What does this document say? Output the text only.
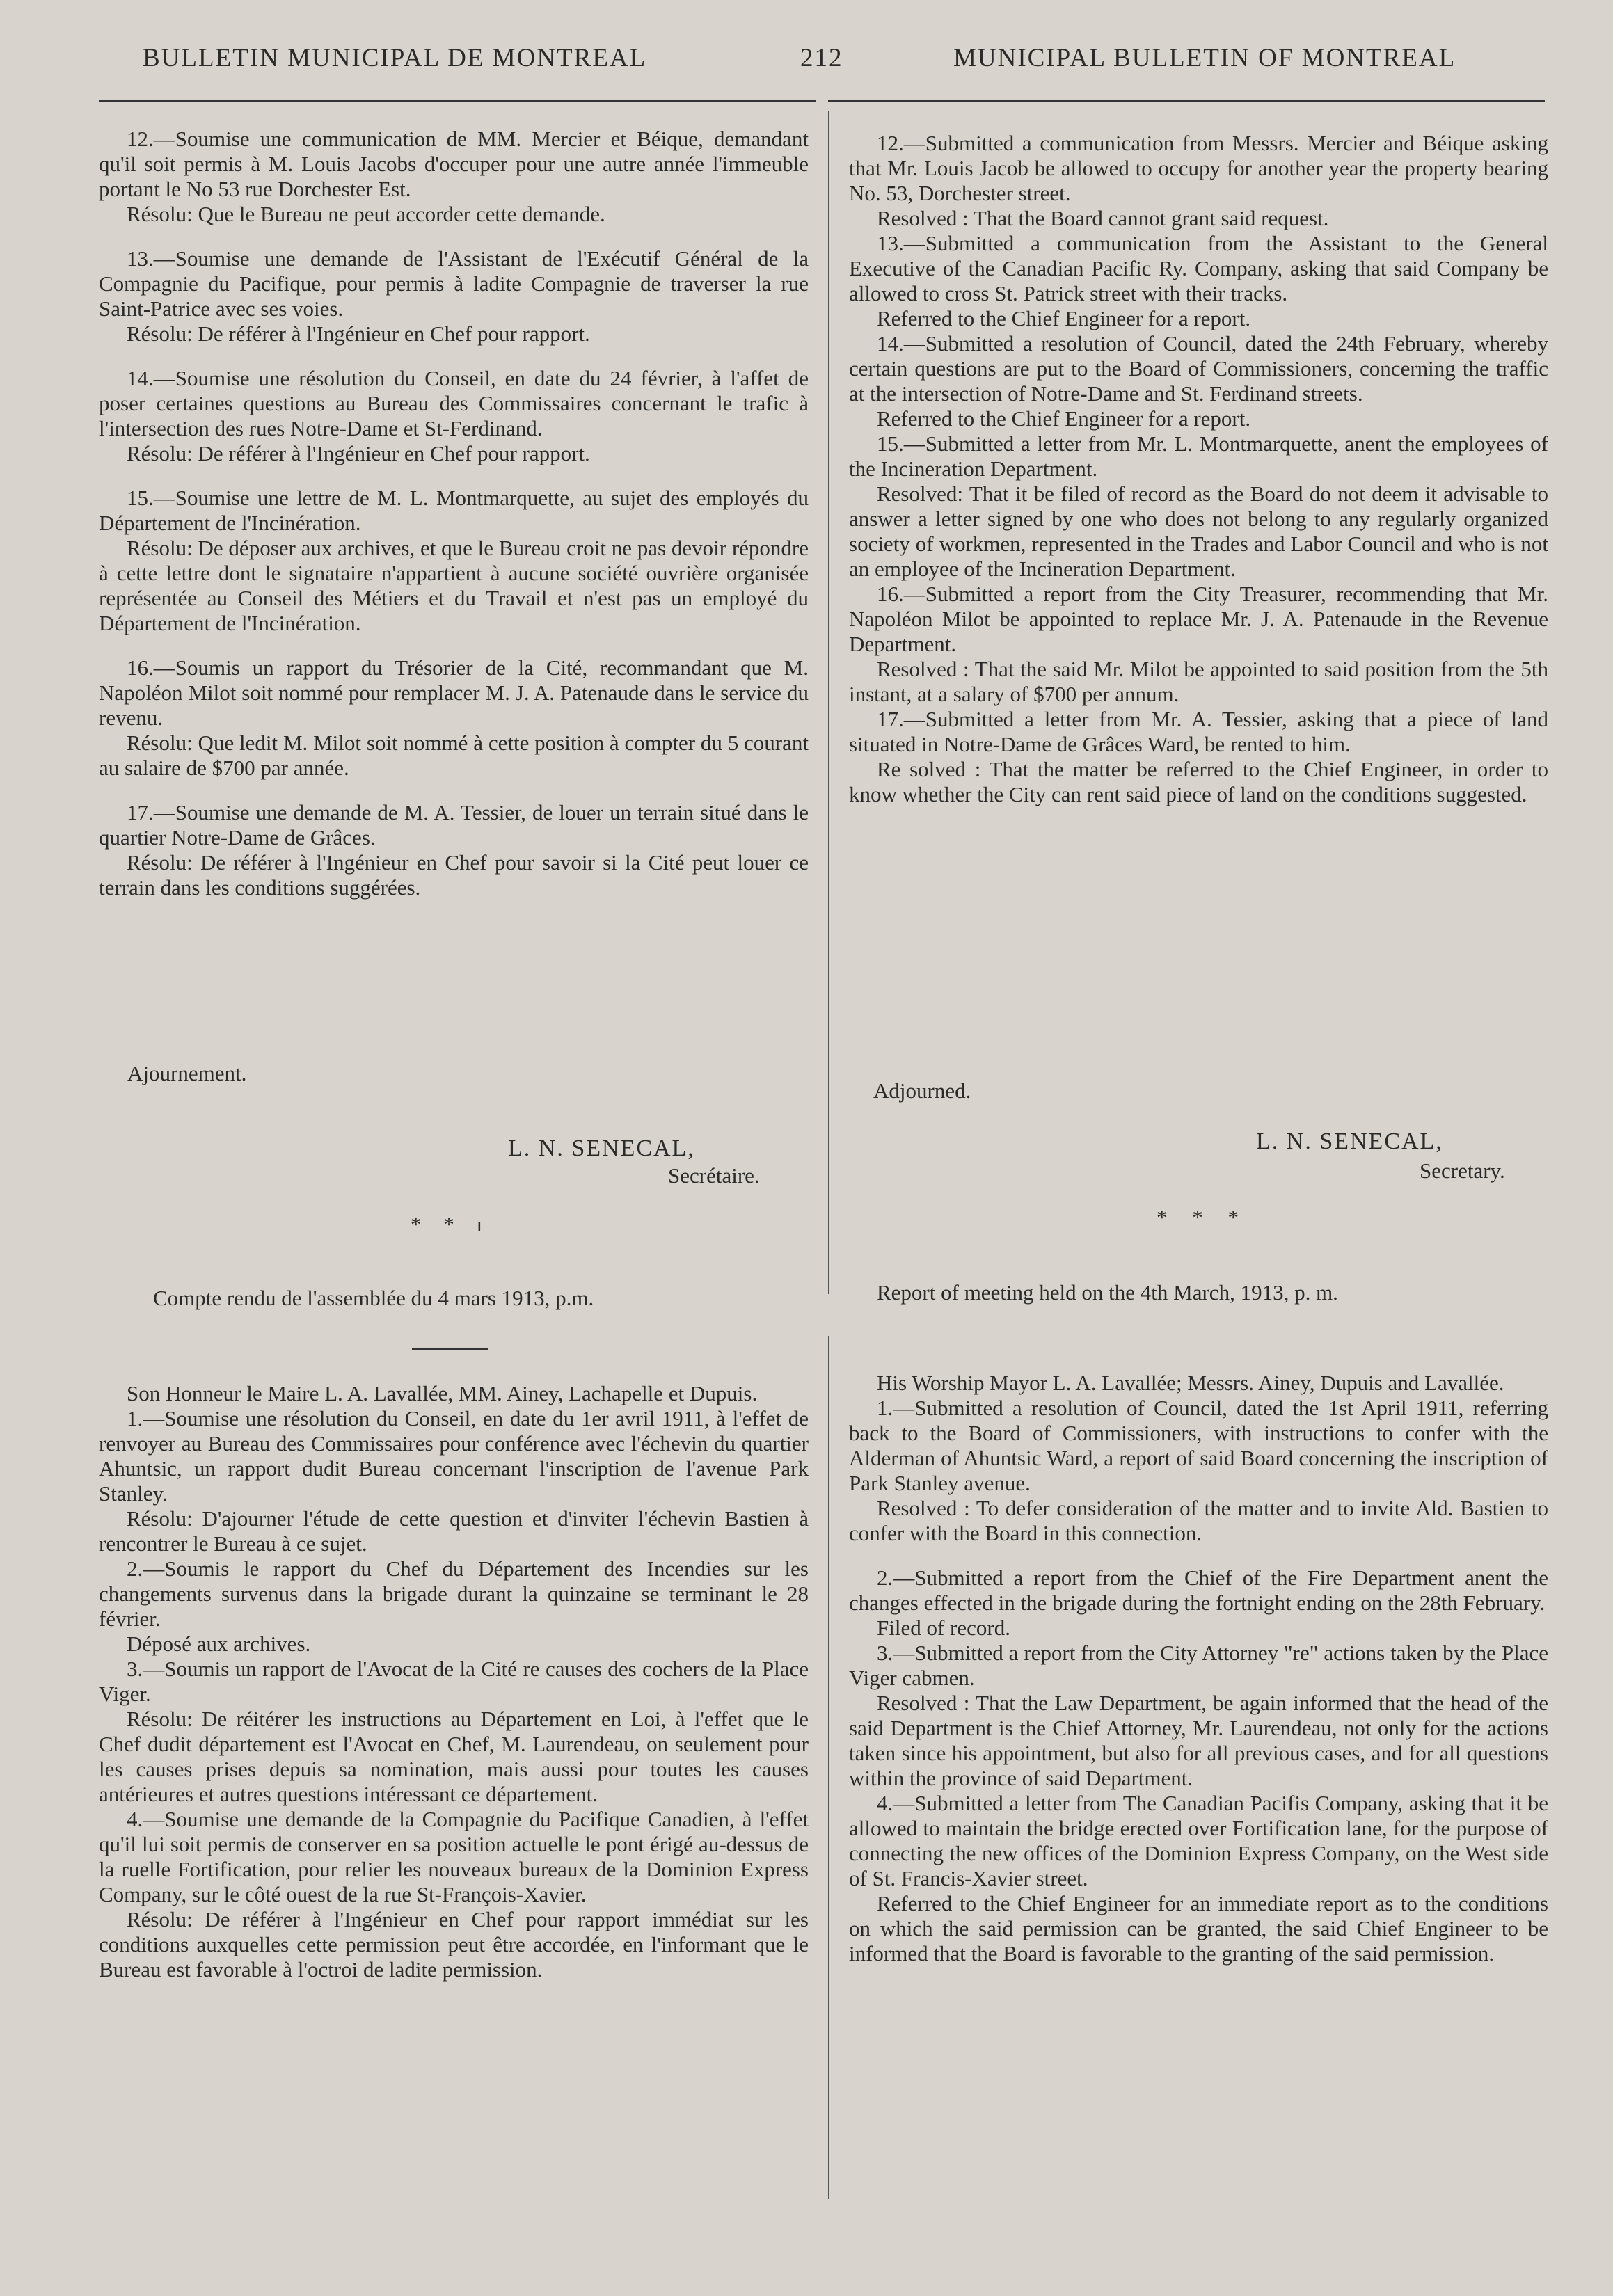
BULLETIN MUNICIPAL DE MONTREAL	212	MUNICIPAL BULLETIN OF MONTREAL

12.—Soumise une communication de MM. Mercier et Béique, demandant qu'il soit permis à M. Louis Jacobs d'occuper pour une autre année l'immeuble portant le No 53 rue Dorchester Est.

Résolu: Que le Bureau ne peut accorder cette demande.

13.—Soumise une demande de l'Assistant de l'Exécutif Général de la Compagnie du Pacifique, pour permis à ladite Compagnie de traverser la rue Saint-Patrice avec ses voies.

Résolu: De référer à l'Ingénieur en Chef pour rapport.

14.—Soumise une résolution du Conseil, en date du 24 février, à l'affet de poser certaines questions au Bureau des Commissaires concernant le trafic à l'intersection des rues Notre-Dame et St-Ferdinand.

Résolu: De référer à l'Ingénieur en Chef pour rapport.

15.—Soumise une lettre de M. L. Montmarquette, au sujet des employés du Département de l'Incinération.

Résolu: De déposer aux archives, et que le Bureau croit ne pas devoir répondre à cette lettre dont le signataire n'appartient à aucune société ouvrière organisée représentée au Conseil des Métiers et du Travail et n'est pas un employé du Département de l'Incinération.

16.—Soumis un rapport du Trésorier de la Cité, recommandant que M. Napoléon Milot soit nommé pour remplacer M. J. A. Patenaude dans le service du revenu.

Résolu: Que ledit M. Milot soit nommé à cette position à compter du 5 courant au salaire de $700 par année.

17.—Soumise une demande de M. A. Tessier, de louer un terrain situé dans le quartier Notre-Dame de Grâces.

Résolu: De référer à l'Ingénieur en Chef pour savoir si la Cité peut louer ce terrain dans les conditions suggérées.

12.—Submitted a communication from Messrs. Mercier and Béique asking that Mr. Louis Jacob be allowed to occupy for another year the property bearing No. 53, Dorchester street.

Resolved : That the Board cannot grant said request.

13.—Submitted a communication from the Assistant to the General Executive of the Canadian Pacific Ry. Company, asking that said Company be allowed to cross St. Patrick street with their tracks.

Referred to the Chief Engineer for a report.

14.—Submitted a resolution of Council, dated the 24th February, whereby certain questions are put to the Board of Commissioners, concerning the traffic at the intersection of Notre-Dame and St. Ferdinand streets.

Referred to the Chief Engineer for a report.

15.—Submitted a letter from Mr. L. Montmarquette, anent the employees of the Incineration Department.

Resolved: That it be filed of record as the Board do not deem it advisable to answer a letter signed by one who does not belong to any regularly organized society of workmen, represented in the Trades and Labor Council and who is not an employee of the Incineration Department.

16.—Submitted a report from the City Treasurer, recommending that Mr. Napoléon Milot be appointed to replace Mr. J. A. Patenaude in the Revenue Department.

Resolved : That the said Mr. Milot be appointed to said position from the 5th instant, at a salary of $700 per annum.

17.—Submitted a letter from Mr. A. Tessier, asking that a piece of land situated in Notre-Dame de Grâces Ward, be rented to him.

Re solved : That the matter be referred to the Chief Engineer, in order to know whether the City can rent said piece of land on the conditions suggested.

Ajournement.
Adjourned.
L. N. SENECAL,
Secrétaire.
L. N. SENECAL,
Secretary.
* * ı	* * *
Compte rendu de l'assemblée du 4 mars 1913, p.m.	Report of meeting held on the 4th March, 1913, p. m.

Son Honneur le Maire L. A. Lavallée, MM. Ainey, Lachapelle et Dupuis.

1.—Soumise une résolution du Conseil, en date du 1er avril 1911, à l'effet de renvoyer au Bureau des Commissaires pour conférence avec l'échevin du quartier Ahuntsic, un rapport dudit Bureau concernant l'inscription de l'avenue Park Stanley.

Résolu: D'ajourner l'étude de cette question et d'inviter l'échevin Bastien à rencontrer le Bureau à ce sujet.

2.—Soumis le rapport du Chef du Département des Incendies sur les changements survenus dans la brigade durant la quinzaine se terminant le 28 février.

Déposé aux archives.

3.—Soumis un rapport de l'Avocat de la Cité re causes des cochers de la Place Viger.

Résolu: De réitérer les instructions au Département en Loi, à l'effet que le Chef dudit département est l'Avocat en Chef, M. Laurendeau, on seulement pour les causes prises depuis sa nomination, mais aussi pour toutes les causes antérieures et autres questions intéressant ce département.

4.—Soumise une demande de la Compagnie du Pacifique Canadien, à l'effet qu'il lui soit permis de conserver en sa position actuelle le pont érigé au-dessus de la ruelle Fortification, pour relier les nouveaux bureaux de la Dominion Express Company, sur le côté ouest de la rue St-François-Xavier.

Résolu: De référer à l'Ingénieur en Chef pour rapport immédiat sur les conditions auxquelles cette permission peut être accordée, en l'informant que le Bureau est favorable à l'octroi de ladite permission.

His Worship Mayor L. A. Lavallée; Messrs. Ainey, Dupuis and Lavallée.

1.—Submitted a resolution of Council, dated the 1st April 1911, referring back to the Board of Commissioners, with instructions to confer with the Alderman of Ahuntsic Ward, a report of said Board concerning the inscription of Park Stanley avenue.

Resolved : To defer consideration of the matter and to invite Ald. Bastien to confer with the Board in this connection.

2.—Submitted a report from the Chief of the Fire Department anent the changes effected in the brigade during the fortnight ending on the 28th February.

Filed of record.

3.—Submitted a report from the City Attorney "re" actions taken by the Place Viger cabmen.

Resolved : That the Law Department, be again informed that the head of the said Department is the Chief Attorney, Mr. Laurendeau, not only for the actions taken since his appointment, but also for all previous cases, and for all questions within the province of said Department.

4.—Submitted a letter from The Canadian Pacifis Company, asking that it be allowed to maintain the bridge erected over Fortification lane, for the purpose of connecting the new offices of the Dominion Express Company, on the West side of St. Francis-Xavier street.

Referred to the Chief Engineer for an immediate report as to the conditions on which the said permission can be granted, the said Chief Engineer to be informed that the Board is favorable to the granting of the said permission.
